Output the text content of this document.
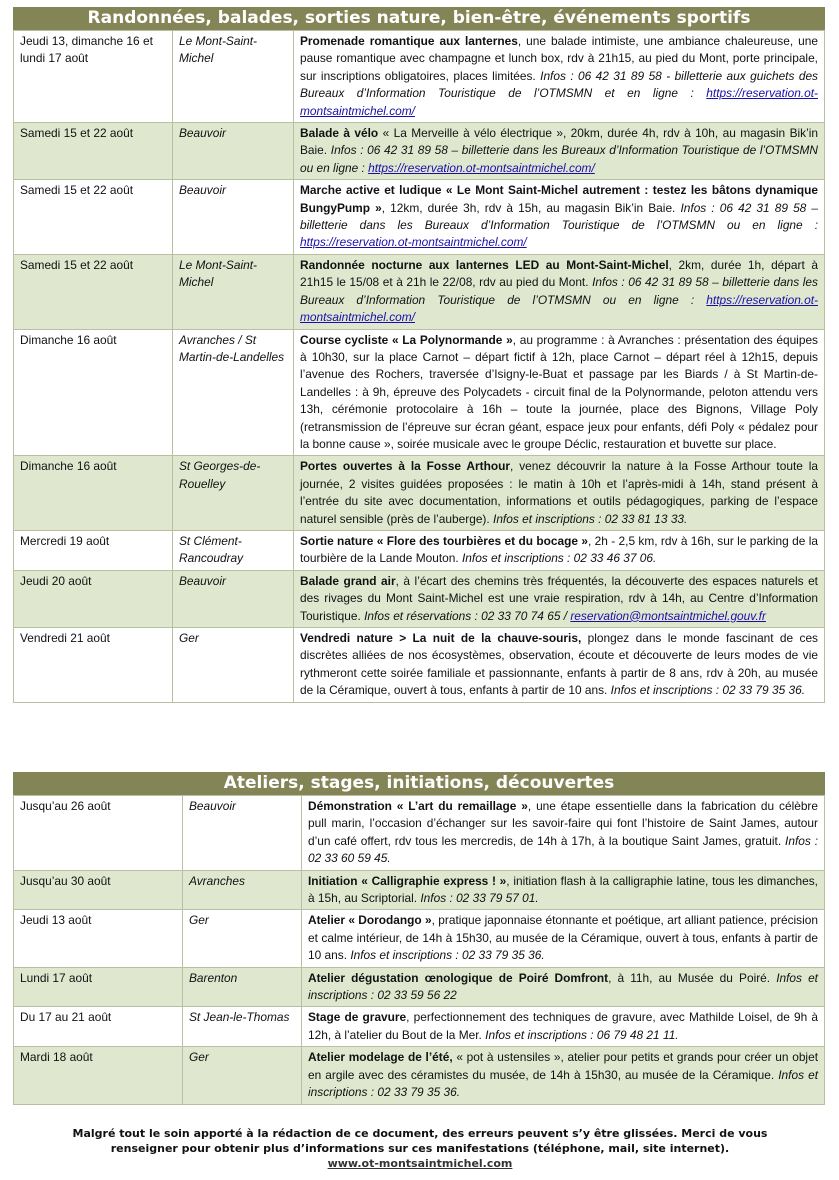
Randonnées, balades, sorties nature, bien-être, événements sportifs
Jeudi 13, dimanche 16 et lundi 17 août	Le Mont-Saint-Michel	Promenade romantique aux lanternes, une balade intimiste, une ambiance chaleureuse, une pause romantique avec champagne et lunch box, rdv à 21h15, au pied du Mont, porte principale, sur inscriptions obligatoires, places limitées. Infos : 06 42 31 89 58 - billetterie aux guichets des Bureaux d’Information Touristique de l’OTMSMN et en ligne : https://reservation.ot-montsaintmichel.com/
Samedi 15 et 22 août	Beauvoir	Balade à vélo « La Merveille à vélo électrique », 20km, durée 4h, rdv à 10h, au magasin Bik’in Baie. Infos : 06 42 31 89 58 – billetterie dans les Bureaux d’Information Touristique de l’OTMSMN ou en ligne : https://reservation.ot-montsaintmichel.com/
Samedi 15 et 22 août	Beauvoir	Marche active et ludique « Le Mont Saint-Michel autrement : testez les bâtons dynamique BungyPump », 12km, durée 3h, rdv à 15h, au magasin Bik’in Baie. Infos : 06 42 31 89 58 – billetterie dans les Bureaux d’Information Touristique de l’OTMSMN ou en ligne : https://reservation.ot-montsaintmichel.com/
Samedi 15 et 22 août	Le Mont-Saint-Michel	Randonnée nocturne aux lanternes LED au Mont-Saint-Michel, 2km, durée 1h, départ à 21h15 le 15/08 et à 21h le 22/08, rdv au pied du Mont. Infos : 06 42 31 89 58 – billetterie dans les Bureaux d’Information Touristique de l’OTMSMN ou en ligne : https://reservation.ot-montsaintmichel.com/
Dimanche 16 août	Avranches / St Martin-de-Landelles	Course cycliste « La Polynormande », au programme : à Avranches : présentation des équipes à 10h30, sur la place Carnot – départ fictif à 12h, place Carnot – départ réel à 12h15, depuis l’avenue des Rochers, traversée d’Isigny-le-Buat et passage par les Biards / à St Martin-de-Landelles : à 9h, épreuve des Polycadets - circuit final de la Polynormande, peloton attendu vers 13h, cérémonie protocolaire à 16h – toute la journée, place des Bignons, Village Poly (retransmission de l’épreuve sur écran géant, espace jeux pour enfants, défi Poly « pédalez pour la bonne cause », soirée musicale avec le groupe Déclic, restauration et buvette sur place.
Dimanche 16 août	St Georges-de-Rouelley	Portes ouvertes à la Fosse Arthour, venez découvrir la nature à la Fosse Arthour toute la journée, 2 visites guidées proposées : le matin à 10h et l’après-midi à 14h, stand présent à l’entrée du site avec documentation, informations et outils pédagogiques, parking de l’espace naturel sensible (près de l’auberge). Infos et inscriptions : 02 33 81 13 33.
Mercredi 19 août	St Clément-Rancoudray	Sortie nature « Flore des tourbières et du bocage », 2h - 2,5 km, rdv à 16h, sur le parking de la tourbière de la Lande Mouton. Infos et inscriptions : 02 33 46 37 06.
Jeudi 20 août	Beauvoir	Balade grand air, à l’écart des chemins très fréquentés, la découverte des espaces naturels et des rivages du Mont Saint-Michel est une vraie respiration, rdv à 14h, au Centre d’Information Touristique. Infos et réservations : 02 33 70 74 65 / reservation@montsaintmichel.gouv.fr
Vendredi 21 août	Ger	Vendredi nature > La nuit de la chauve-souris, plongez dans le monde fascinant de ces discrètes alliées de nos écosystèmes, observation, écoute et découverte de leurs modes de vie rythmeront cette soirée familiale et passionnante, enfants à partir de 8 ans, rdv à 20h, au musée de la Céramique, ouvert à tous, enfants à partir de 10 ans. Infos et inscriptions : 02 33 79 35 36.
Ateliers, stages, initiations, découvertes
Jusqu’au 26 août	Beauvoir	Démonstration « L’art du remaillage », une étape essentielle dans la fabrication du célèbre pull marin, l’occasion d’échanger sur les savoir-faire qui font l’histoire de Saint James, autour d’un café offert, rdv tous les mercredis, de 14h à 17h, à la boutique Saint James, gratuit. Infos : 02 33 60 59 45.
Jusqu’au 30 août	Avranches	Initiation « Calligraphie express ! », initiation flash à la calligraphie latine, tous les dimanches, à 15h, au Scriptorial. Infos : 02 33 79 57 01.
Jeudi 13 août	Ger	Atelier « Dorodango », pratique japonnaise étonnante et poétique, art alliant patience, précision et calme intérieur, de 14h à 15h30, au musée de la Céramique, ouvert à tous, enfants à partir de 10 ans. Infos et inscriptions : 02 33 79 35 36.
Lundi 17 août	Barenton	Atelier dégustation œnologique de Poiré Domfront, à 11h, au Musée du Poiré. Infos et inscriptions : 02 33 59 56 22
Du 17 au 21 août	St Jean-le-Thomas	Stage de gravure, perfectionnement des techniques de gravure, avec Mathilde Loisel, de 9h à 12h, à l’atelier du Bout de la Mer. Infos et inscriptions : 06 79 48 21 11.
Mardi 18 août	Ger	Atelier modelage de l’été, « pot à ustensiles », atelier pour petits et grands pour créer un objet en argile avec des céramistes du musée, de 14h à 15h30, au musée de la Céramique. Infos et inscriptions : 02 33 79 35 36.
Malgré tout le soin apporté à la rédaction de ce document, des erreurs peuvent s’y être glissées. Merci de vous renseigner pour obtenir plus d’informations sur ces manifestations (téléphone, mail, site internet).
www.ot-montsaintmichel.com
